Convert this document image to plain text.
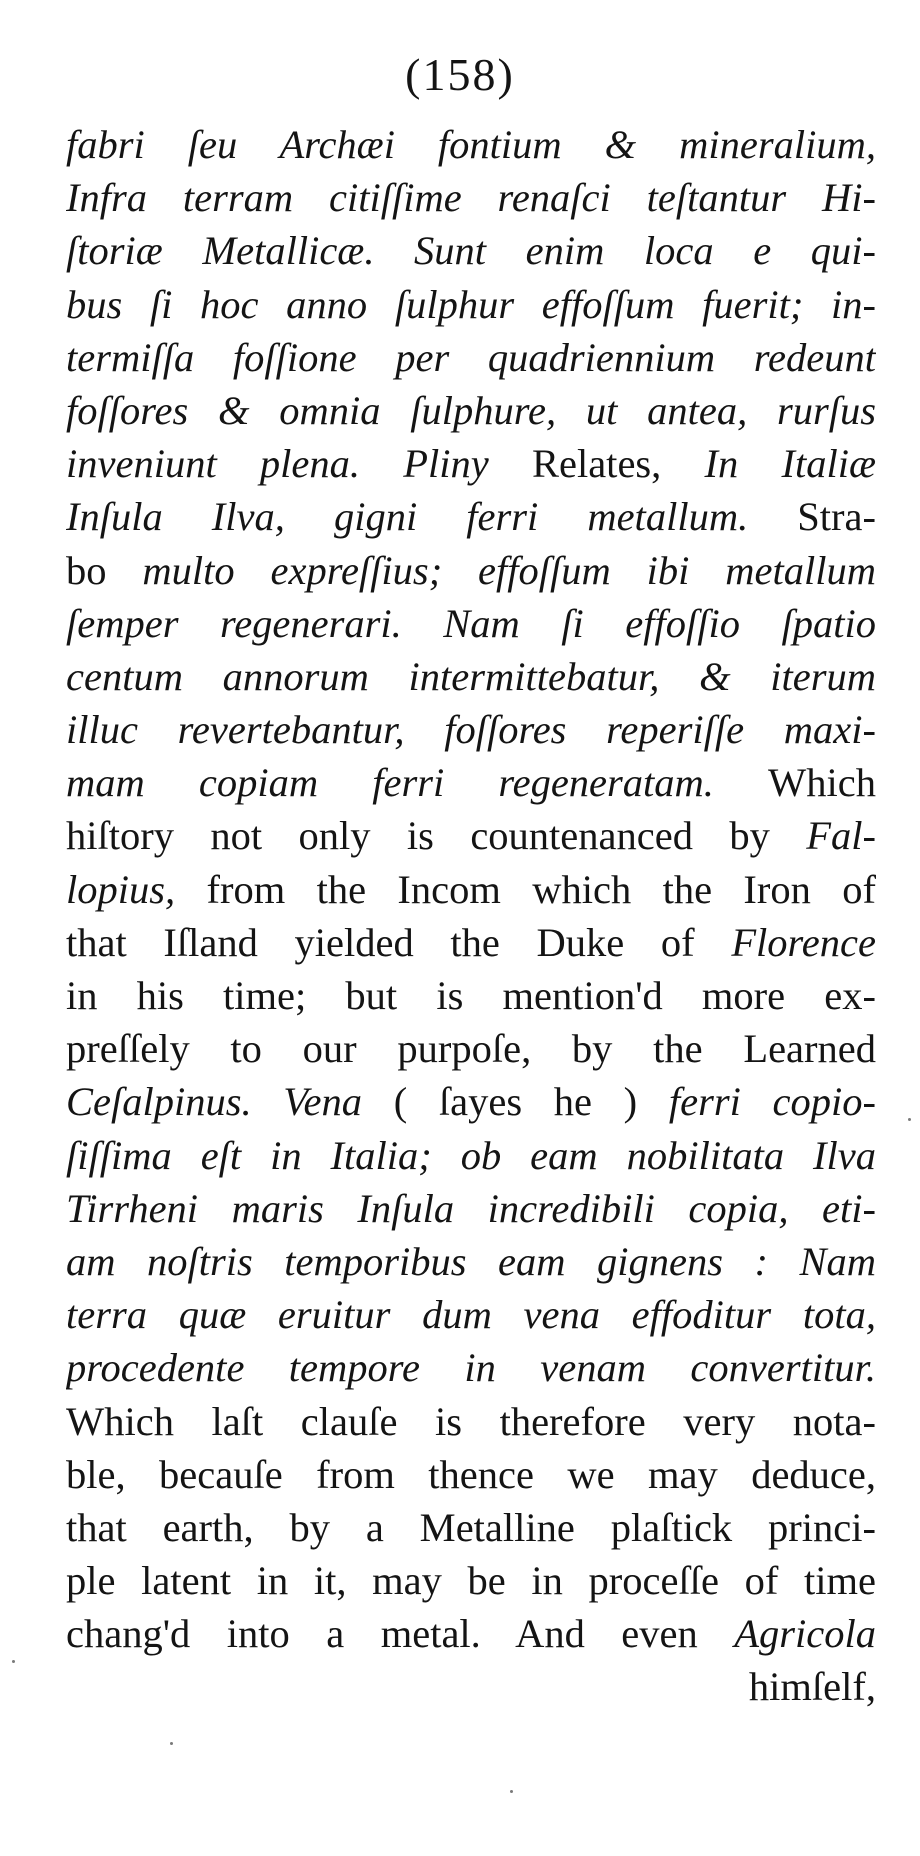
(158)
fabri ſeu Archæi fontium & mineralium,
Infra terram citiſſime renaſci teſtantur Hi-
ſtoriæ Metallicæ. Sunt enim loca e qui-
bus ſi hoc anno ſulphur effoſſum fuerit; in-
termiſſa foſſione per quadriennium redeunt
foſſores & omnia ſulphure, ut antea, rurſus
inveniunt plena. Pliny Relates, In Italiæ
Inſula Ilva, gigni ferri metallum. Stra-
bo multo expreſſius; effoſſum ibi metallum
ſemper regenerari. Nam ſi effoſſio ſpatio
centum annorum intermittebatur, & iterum
illuc revertebantur, foſſores reperiſſe maxi-
mam copiam ferri regeneratam. Which
hiſtory not only is countenanced by Fal-
lopius, from the Incom which the Iron of
that Iſland yielded the Duke of Florence
in his time; but is mention'd more ex-
preſſely to our purpoſe, by the Learned
Ceſalpinus. Vena ( ſayes he ) ferri copio-
ſiſſima eſt in Italia; ob eam nobilitata Ilva
Tirrheni maris Inſula incredibili copia, eti-
am noſtris temporibus eam gignens : Nam
terra quæ eruitur dum vena effoditur tota,
procedente tempore in venam convertitur.
Which laſt clauſe is therefore very nota-
ble, becauſe from thence we may deduce,
that earth, by a Metalline plaſtick princi-
ple latent in it, may be in proceſſe of time
chang'd into a metal. And even Agricola
himſelf,
